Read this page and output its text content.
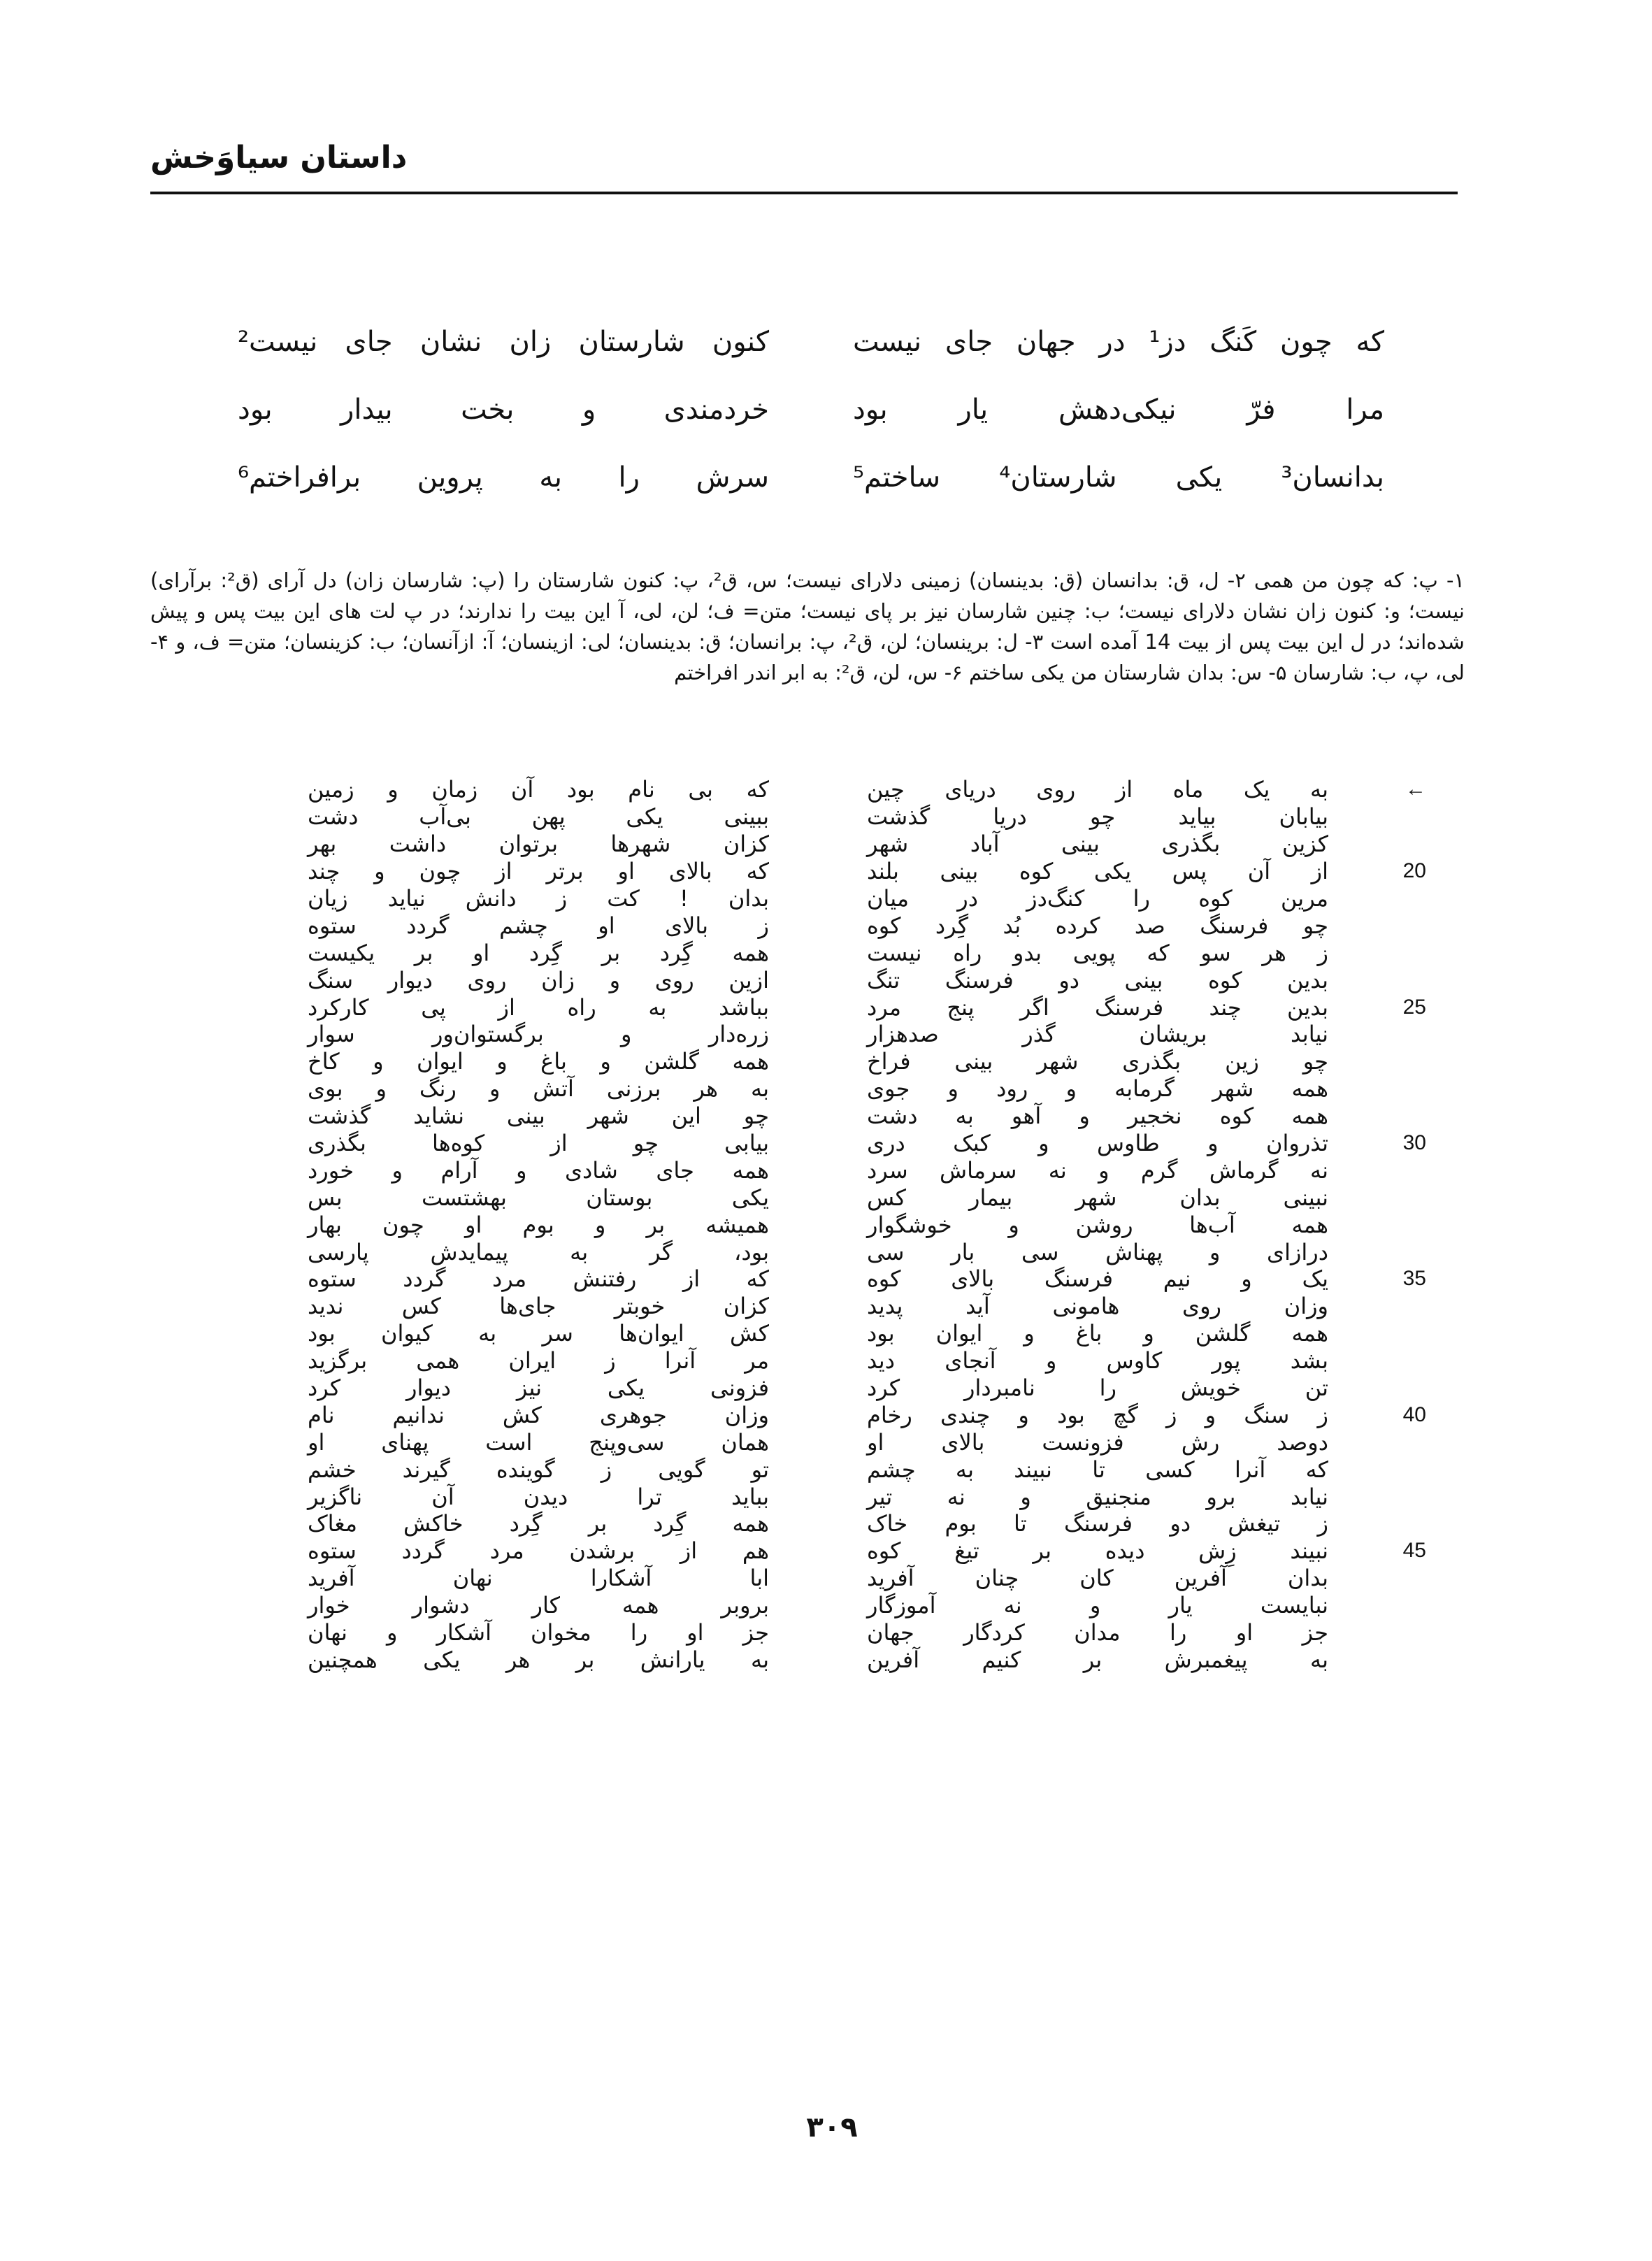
داستان سیاوَخش
که چون کَنگ دز¹ در جهان جای نیست
کنون شارستان زان نشان جای نیست²
مرا فرّ نیکی‌دهش یار بود
خردمندی و بخت بیدار بود
بدانسان³ یکی شارستان⁴ ساختم⁵
سرش را به پروین برافراختم⁶

۱- پ: که چون من همی ۲- ل، ق: بدانسان (ق: بدینسان) زمینی دلارای نیست؛ س، ق²، پ: کنون شارستان را (پ: شارسان زان) دل آرای (ق²: برآرای) نیست؛ و: کنون زان نشان دلارای نیست؛ ب: چنین شارسان نیز بر پای نیست؛ متن= ف؛ لن، لی، آ این بیت را ندارند؛ در پ لت های این بیت پس و پیش شده‌اند؛ در ل این بیت پس از بیت 14 آمده است ۳- ل: برینسان؛ لن، ق²، پ: برانسان؛ ق: بدینسان؛ لی: ازینسان؛ آ: ازآنسان؛ ب: کزینسان؛ متن= ف، و ۴- لی، پ، ب: شارسان ۵- س: بدان شارستان من یکی ساختم ۶- س، لن، ق²: به ابر اندر افراختم

به یک ماه از روی دریای چین
که بی نام بود آن زمان و زمین	←
بیابان بیاید چو دریا گذشت
ببینی یکی پهن بی‌آب دشت
کزین بگذری بینی آباد شهر
کزان شهرها برتوان داشت بهر
از آن پس یکی کوه بینی بلند
که بالای او برتر از چون و چند	20
مرین کوه را کنگ‌دز در میان
بدان ! کت ز دانش نیاید زیان
چو فرسنگ صد کرده بُد گِرد کوه
ز بالای او چشم گردد ستوه
ز هر سو که پویی بدو راه نیست
همه گِرد بر گِرد او بر یکیست
بدین کوه بینی دو فرسنگ تنگ
ازین روی و زان روی دیوار سنگ
بدین چند فرسنگ اگر پنج مرد
بباشد به راه از پی کارکرد	25
نیابد بریشان گذر صدهزار
زره‌دار و برگستوان‌ور سوار
چو زین بگذری شهر بینی فراخ
همه گلشن و باغ و ایوان و کاخ
همه شهر گرمابه و رود و جوی
به هر برزنی آتش و رنگ و بوی
همه کوه نخجیر و آهو به دشت
چو این شهر بینی نشاید گذشت
تذروان و طاوس و کبک دری
بیابی چو از کوه‌ها بگذری	30
نه گرماش گرم و نه سرماش سرد
همه جای شادی و آرام و خورد
نبینی بدان شهر بیمار کس
یکی بوستان بهشتست بس
همه آب‌ها روشن و خوشگوار
همیشه بر و بوم او چون بهار
درازای و پهناش سی بار سی
بود، گر به پیمایدش پارسی
یک و نیم فرسنگ بالای کوه
که از رفتنش مرد گردد ستوه	35
وزان روی هامونی آید پدید
کزان خوبتر جای‌ها کس ندید
همه گلشن و باغ و ایوان بود
کش ایوان‌ها سر به کیوان بود
بشد پور کاوس و آنجای دید
مر آنرا ز ایران همی برگزید
تن خویش را نامبردار کرد
فزونی یکی نیز دیوار کرد
ز سنگ و ز گچ بود و چندی رخام
وزان جوهری کش ندانیم نام	40
دوصد رش فزونست بالای او
همان سی‌وپنج است پهنای او
که آنرا کسی تا نبیند به چشم
تو گویی ز گوینده گیرند خشم
نیابد برو منجنیق و نه تیر
بباید ترا دیدن آن ناگزیر
ز تیغش دو فرسنگ تا بوم خاک
همه گِرد بر گِرد خاکش مغاک
نبیند زِش دیده بر تیغ کوه
هم از برشدن مرد گردد ستوه	45
بدان آفرین کان چنان آفرید
ابا آشکارا نهان آفرید
نبایست یار و نه آموزگار
بروبر همه کار دشوار خوار
جز او را مدان کردگار جهان
جز او را مخوان آشکار و نهان
به پیغمبرش بر کنیم آفرین
به یارانش بر هر یکی همچنین
۳۰۹
